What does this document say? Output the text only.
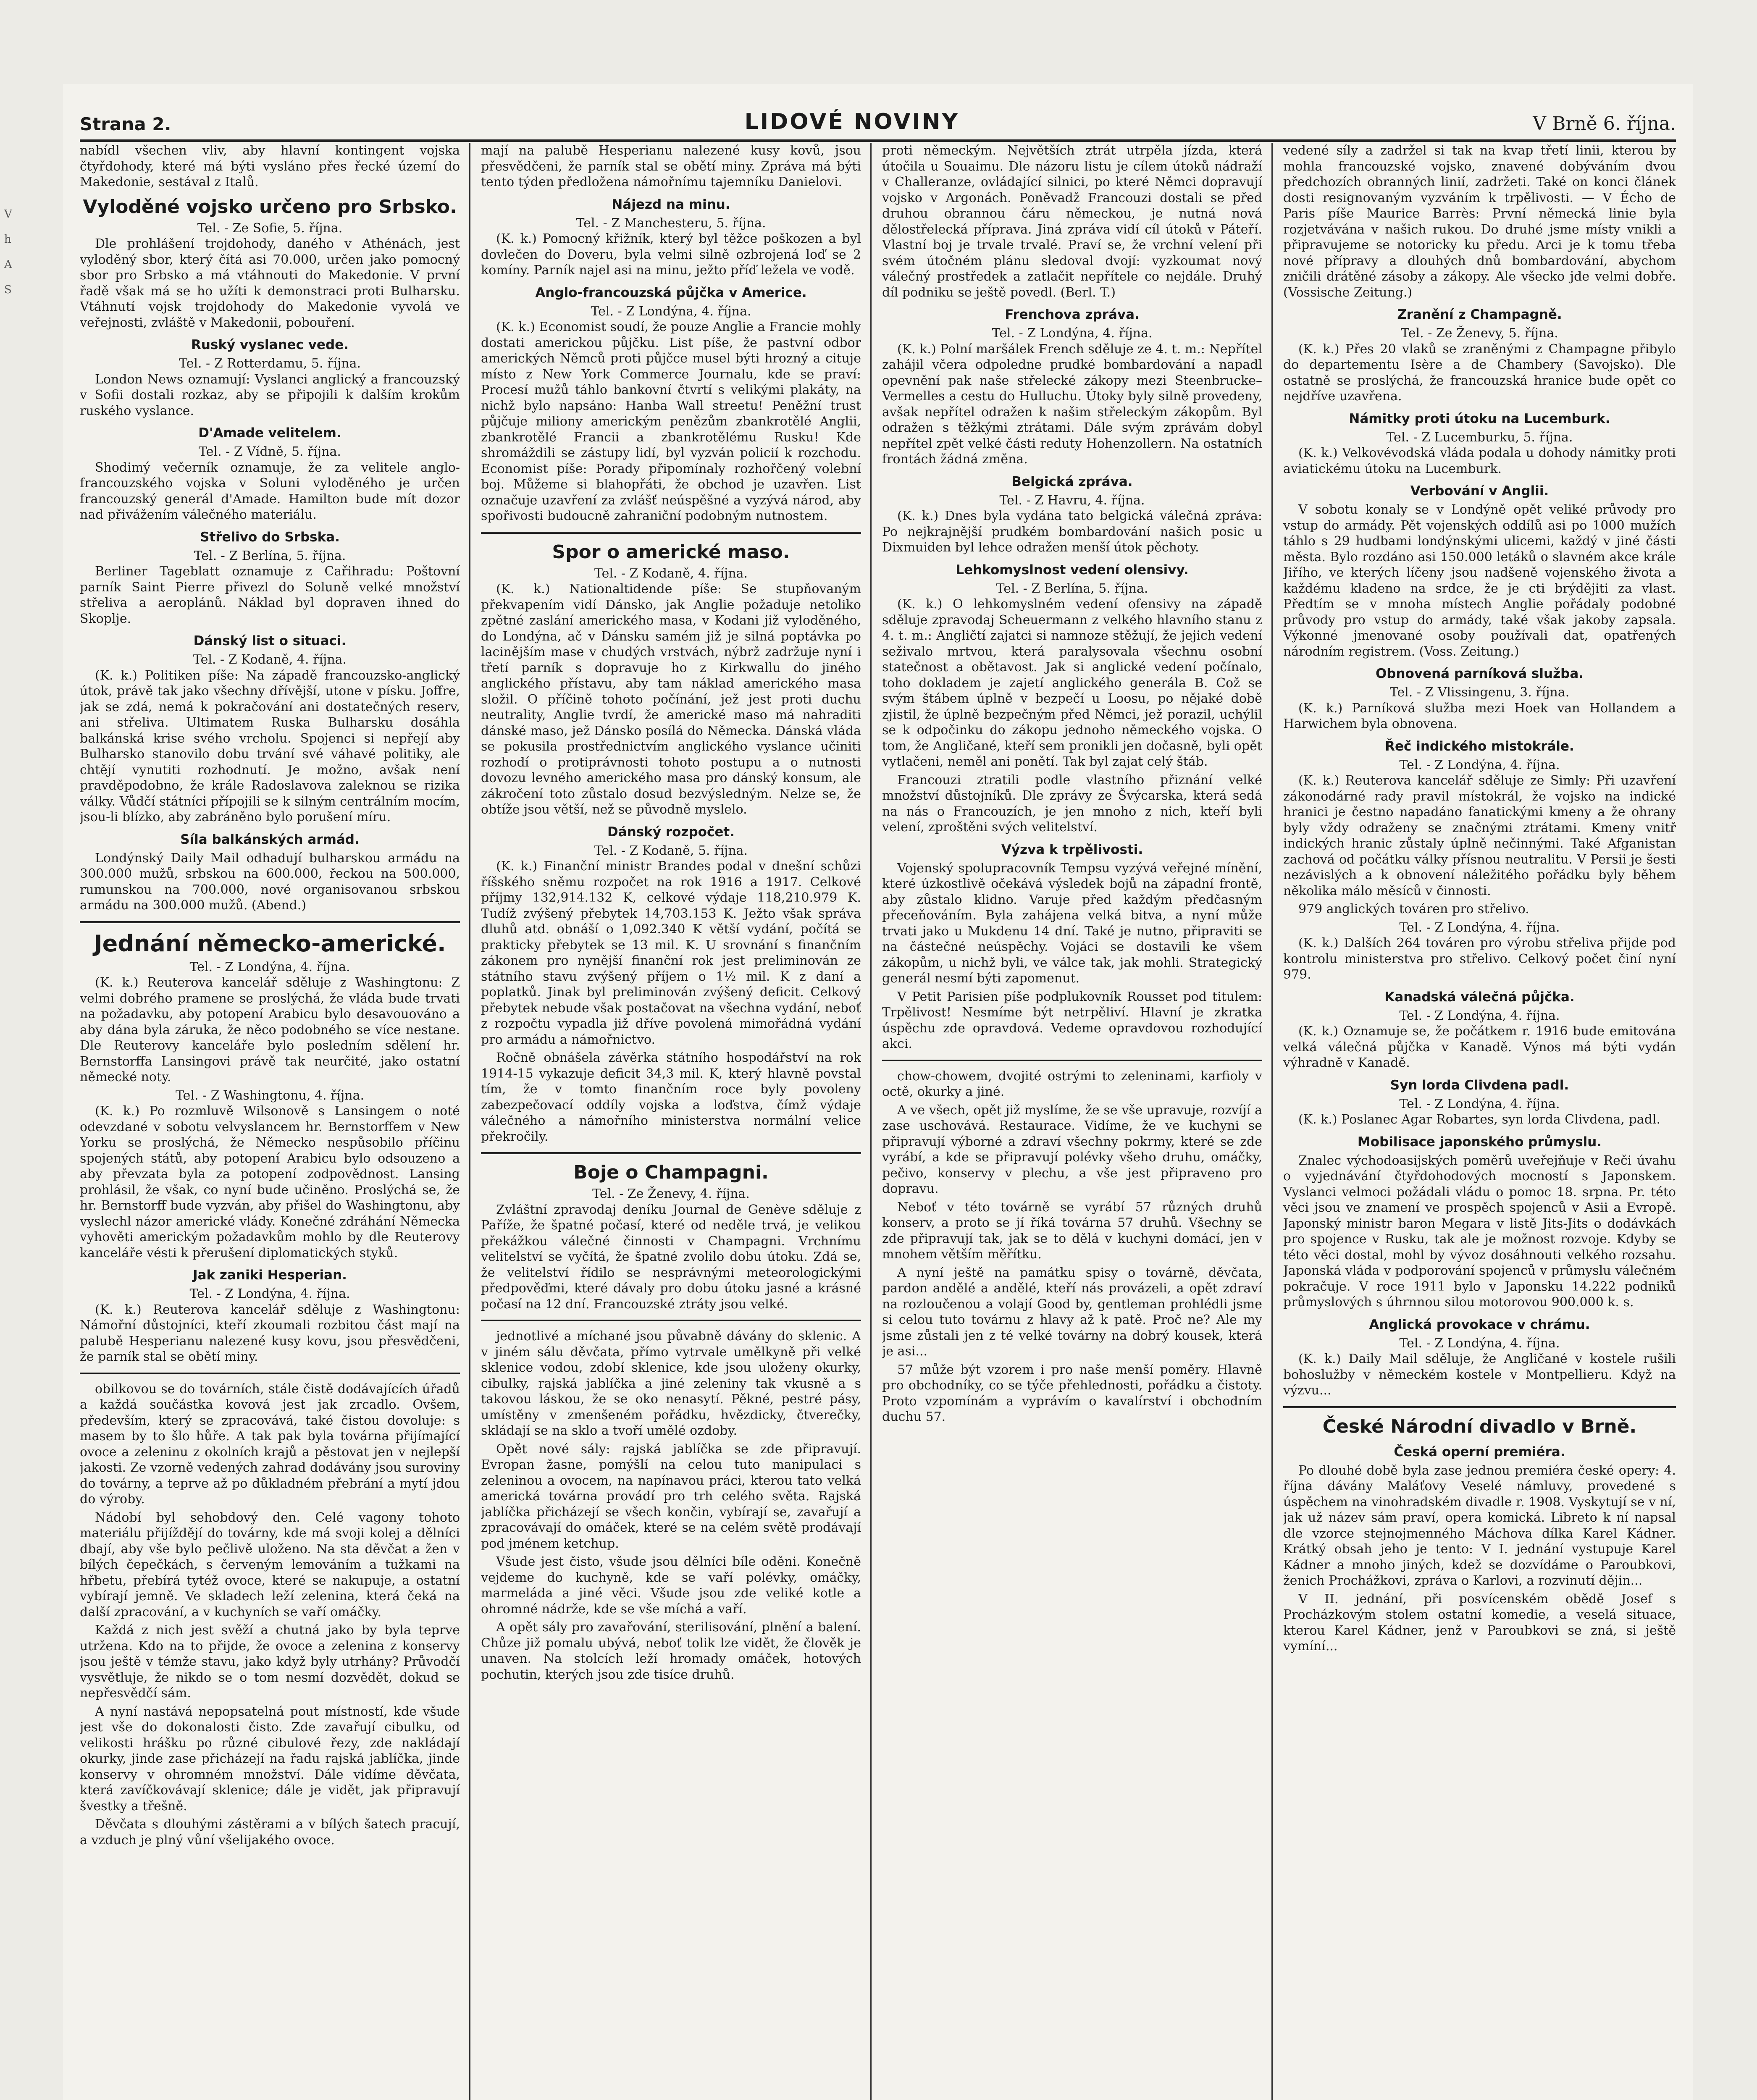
V
h
A
S
Strana 2.	LIDOVÉ NOVINY	V Brně 6. října.

nabídl všechen vliv, aby hlavní kontingent vojska čtyřdohody, které má býti vysláno přes řecké území do Makedonie, sestával z Italů.

Vyloděné vojsko určeno pro Srbsko.

Tel. - Ze Sofie, 5. října.

Dle prohlášení trojdohody, daného v Athénách, jest vyloděný sbor, který čítá asi 70.000, určen jako pomocný sbor pro Srbsko a má vtáhnouti do Makedonie. V první řadě však má se ho užíti k demonstraci proti Bulharsku. Vtáhnutí vojsk trojdohody do Makedonie vyvolá ve veřejnosti, zvláště v Makedonii, pobouření.

Ruský vyslanec vede.

Tel. - Z Rotterdamu, 5. října.

London News oznamují: Vyslanci anglický a francouzský v Sofii dostali rozkaz, aby se připojili k dalším krokům ruského vyslance.

D'Amade velitelem.

Tel. - Z Vídně, 5. října.

Shodimý večerník oznamuje, že za velitele anglo-francouzského vojska v Soluni vyloděného je určen francouzský generál d'Amade. Hamilton bude mít dozor nad přivážením válečného materiálu.

Střelivo do Srbska.

Tel. - Z Berlína, 5. října.

Berliner Tageblatt oznamuje z Cařihradu: Poštovní parník Saint Pierre přivezl do Soluně velké množství střeliva a aeroplánů. Náklad byl dopraven ihned do Skoplje.

Dánský list o situaci.

Tel. - Z Kodaně, 4. října.

(K. k.) Politiken píše: Na západě francouzsko-anglický útok, právě tak jako všechny dřívější, utone v písku. Joffre, jak se zdá, nemá k pokračování ani dostatečných reserv, ani střeliva. Ultimatem Ruska Bulharsku dosáhla balkánská krise svého vrcholu. Spojenci si nepřejí aby Bulharsko stanovilo dobu trvání své váhavé politiky, ale chtějí vynutiti rozhodnutí. Je možno, avšak není pravděpodobno, že krále Radoslavova zaleknou se rizika války. Vůdčí státníci přípojili se k silným centrálním mocím, jsou-li blízko, aby zabráněno bylo porušení míru.

Síla balkánských armád.

Londýnský Daily Mail odhadují bulharskou armádu na 300.000 mužů, srbskou na 600.000, řeckou na 500.000, rumunskou na 700.000, nové organisovanou srbskou armádu na 300.000 mužů. (Abend.)

Jednání německo-americké.

Tel. - Z Londýna, 4. října.

(K. k.) Reuterova kancelář sděluje z Washingtonu: Z velmi dobrého pramene se proslýchá, že vláda bude trvati na požadavku, aby potopení Arabicu bylo desavouováno a aby dána byla záruka, že něco podobného se více nestane. Dle Reuterovy kanceláře bylo posledním sdělení hr. Bernstorffa Lansingovi právě tak neurčité, jako ostatní německé noty.

Tel. - Z Washingtonu, 4. října.

(K. k.) Po rozmluvě Wilsonově s Lansingem o noté odevzdané v sobotu velvyslancem hr. Bernstorffem v New Yorku se proslýchá, že Německo nespůsobilo příčinu spojených států, aby potopení Arabicu bylo odsouzeno a aby převzata byla za potopení zodpovědnost. Lansing prohlásil, že však, co nyní bude učiněno. Proslýchá se, že hr. Bernstorff bude vyzván, aby přišel do Washingtonu, aby vyslechl názor americké vlády. Konečné zdráhání Německa vyhověti americkým požadavkům mohlo by dle Reuterovy kanceláře vésti k přerušení diplomatických styků.

Jak zaniki Hesperian.

Tel. - Z Londýna, 4. října.

(K. k.) Reuterova kancelář sděluje z Washingtonu: Námořní důstojníci, kteří zkoumali rozbitou část mají na palubě Hesperianu nalezené kusy kovu, jsou přesvědčeni, že parník stal se obětí miny.

obilkovou se do továrních, stále čistě dodávajících úřadů a každá součástka kovová jest jak zrcadlo. Ovšem, především, který se zpracovává, také čistou dovoluje: s masem by to šlo hůře. A tak pak byla továrna přijímající ovoce a zeleninu z okolních krajů a pěstovat jen v nejlepší jakosti. Ze vzorně vedených zahrad dodávány jsou suroviny do továrny, a teprve až po důkladném přebrání a mytí jdou do výroby.

Nádobí byl sehobdový den. Celé vagony tohoto materiálu přijíždějí do továrny, kde má svoji kolej a dělníci dbají, aby vše bylo pečlivě uloženo. Na sta děvčat a žen v bílých čepečkách, s červeným lemováním a tužkami na hřbetu, přebírá tytéž ovoce, které se nakupuje, a ostatní vybírají jemně. Ve skladech leží zelenina, která čeká na další zpracování, a v kuchyních se vaří omáčky.

Každá z nich jest svěží a chutná jako by byla teprve utržena. Kdo na to přijde, že ovoce a zelenina z konservy jsou ještě v témže stavu, jako když byly utrhány? Průvodčí vysvětluje, že nikdo se o tom nesmí dozvědět, dokud se nepřesvědčí sám.

A nyní nastává nepopsatelná pout místností, kde všude jest vše do dokonalosti čisto. Zde zavařují cibulku, od velikosti hrášku po různé cibulové řezy, zde nakládají okurky, jinde zase přicházejí na řadu rajská jablíčka, jinde konservy v ohromném množství. Dále vidíme děvčata, která zavíčkovávají sklenice; dále je vidět, jak připravují švestky a třešně.

Děvčata s dlouhými zástěrami a v bílých šatech pracují, a vzduch je plný vůní všelijakého ovoce.

mají na palubě Hesperianu nalezené kusy kovů, jsou přesvědčeni, že parník stal se obětí miny. Zpráva má býti tento týden předložena námořnímu tajemníku Danielovi.

Nájezd na minu.

Tel. - Z Manchesteru, 5. října.

(K. k.) Pomocný křižník, který byl těžce poškozen a byl dovlečen do Doveru, byla velmi silně ozbrojená loď se 2 komíny. Parník najel asi na minu, ježto příď ležela ve vodě.

Anglo-francouzská půjčka v Americe.

Tel. - Z Londýna, 4. října.

(K. k.) Economist soudí, že pouze Anglie a Francie mohly dostati americkou půjčku. List píše, že pastvní odbor amerických Němců proti půjčce musel býti hrozný a cituje místo z New York Commerce Journalu, kde se praví: Procesí mužů táhlo bankovní čtvrtí s velikými plakáty, na nichž bylo napsáno: Hanba Wall streetu! Peněžní trust půjčuje miliony americkým penězům zbankrotělé Anglii, zbankrotělé Francii a zbankrotělému Rusku! Kde shromáždili se zástupy lidí, byl vyzván policií k rozchodu. Economist píše: Porady připomínaly rozhořčený volební boj. Můžeme si blahopřáti, že obchod je uzavřen. List označuje uzavření za zvlášť neúspěšné a vyzývá národ, aby spořivosti budoucně zahraniční podobným nutnostem.

Spor o americké maso.

Tel. - Z Kodaně, 4. října.

(K. k.) Nationaltidende píše: Se stupňovaným překvapením vidí Dánsko, jak Anglie požaduje netolikо zpětné zaslání amerického masa, v Kodani již vyloděného, do Londýna, ač v Dánsku samém již je silná poptávka po lacinějším mase v chudých vrstvách, nýbrž zadržuje nyní i třetí parník s dopravuje ho z Kirkwallu do jiného anglického přístavu, aby tam náklad amerického masa složil. O příčině tohoto počínání, jež jest proti duchu neutrality, Anglie tvrdí, že americké maso má nahraditi dánské maso, jež Dánsko posílá do Německa. Dánská vláda se pokusila prostřednictvím anglického vyslance učiniti rozhodí o protiprávnosti tohoto postupu a o nutnosti dovozu levného amerického masa pro dánský konsum, ale zákročení toto zůstalo dosud bezvýsledným. Nelze se, že obtíže jsou větší, než se původně myslelo.

Dánský rozpočet.

Tel. - Z Kodaně, 5. října.

(K. k.) Finanční ministr Brandes podal v dnešní schůzi říšského sněmu rozpočet na rok 1916 a 1917. Celkové příjmy 132,914.132 K, celkové výdaje 118,210.979 K. Tudíž zvýšený přebytek 14,703.153 K. Ježto však správa dluhů atd. obnáší o 1,092.340 K větší vydání, počítá se prakticky přebytek se 13 mil. K. U srovnání s finančním zákonem pro nynější finanční rok jest preliminován ze státního stavu zvýšený příjem o 1½ mil. K z daní a poplatků. Jinak byl preliminován zvýšený deficit. Celkový přebytek nebude však postačovat na všechna vydání, neboť z rozpočtu vypadla již dříve povolená mimořádná vydání pro armádu a námořnictvo.

Ročně obnášela závěrka státního hospodářství na rok 1914-15 vykazuje deficit 34,3 mil. K, který hlavně povstal tím, že v tomto finančním roce byly povoleny zabezpečovací oddíly vojska a loďstva, čímž výdaje válečného a námořního ministerstva normální velice překročily.

Boje o Champagni.

Tel. - Ze Ženevy, 4. října.

Zvláštní zpravodaj deníku Journal de Genève sděluje z Paříže, že špatné počasí, které od neděle trvá, je velikou překážkou válečné činnosti v Champagni. Vrchnímu velitelství se vyčítá, že špatné zvolilo dobu útoku. Zdá se, že velitelství řídilo se nesprávnými meteorologickými předpověďmi, které dávaly pro dobu útoku jasné a krásné počasí na 12 dní. Francouzské ztráty jsou velké.

jednotlivé a míchané jsou půvabně dávány do sklenic. A v jiném sálu děvčata, přímo vytrvale umělkyně při velké sklenice vodou, zdobí sklenice, kde jsou uloženy okurky, cibulky, rajská jablíčka a jiné zeleniny tak vkusně a s takovou láskou, že se oko nenasytí. Pěkné, pestré pásy, umístěny v zmenšeném pořádku, hvězdicky, čtverečky, skládají se na sklo a tvoří umělé ozdoby.

Opět nové sály: rajská jablíčka se zde připravují. Evropan žasne, pomýšlí na celou tuto manipulaci s zeleninou a ovocem, na napínavou práci, kterou tato velká americká továrna provádí pro trh celého světa. Rajská jablíčka přicházejí se všech končin, vybírají se, zavařují a zpracovávají do omáček, které se na celém světě prodávají pod jménem ketchup.

Všude jest čisto, všude jsou dělníci bíle oděni. Konečně vejdeme do kuchyně, kde se vaří polévky, omáčky, marmeláda a jiné věci. Všude jsou zde veliké kotle a ohromné nádrže, kde se vše míchá a vaří.

A opět sály pro zavařování, sterilisování, plnění a balení. Chůze již pomalu ubývá, neboť tolik lze vidět, že člověk je unaven. Na stolcích leží hromady omáček, hotových pochutin, kterých jsou zde tisíce druhů.

proti německým. Největších ztrát utrpěla jízda, která útočila u Souaimu. Dle názoru listu je cílem útoků nádraží v Challeranze, ovládající silnici, po které Němci dopravují vojsko v Argonách. Poněvadž Francouzi dostali se před druhou obrannou čáru německou, je nutná nová dělostřelecká příprava. Jiná zpráva vidí cíl útoků v Páteří. Vlastní boj je trvale trvalé. Praví se, že vrchní velení při svém útočném plánu sledoval dvojí: vyzkoumat nový válečný prostředek a zatlačit nepřítele co nejdále. Druhý díl podniku se ještě povedl. (Berl. T.)

Frenchova zpráva.

Tel. - Z Londýna, 4. října.

(K. k.) Polní maršálek French sděluje ze 4. t. m.: Nepřítel zahájil včera odpoledne prudké bombardování a napadl opevnění pak naše střelecké zákopy mezi Steenbrucke–Vermelles a cestu do Hulluchu. Útoky byly silně provedeny, avšak nepřítel odražen k našim střeleckým zákopům. Byl odražen s těžkými ztrátami. Dále svým zprávám dobyl nepřítel zpět velké části reduty Hohenzollern. Na ostatních frontách žádná změna.

Belgická zpráva.

Tel. - Z Havru, 4. října.

(K. k.) Dnes byla vydána tato belgická válečná zpráva: Po nejkrajnější prudkém bombardování našich posic u Dixmuiden byl lehce odražen menší útok pěchoty.

Lehkomyslnost vedení olensivy.

Tel. - Z Berlína, 5. října.

(K. k.) O lehkomyslném vedení ofensivy na západě sděluje zpravodaj Scheuermann z velkého hlavního stanu z 4. t. m.: Angličtí zajatci si namnoze stěžují, že jejich vedení seživalo mrtvou, která paralysovala všechnu osobní statečnost a obětavost. Jak si anglické vedení počínalo, toho dokladem je zajetí anglického generála B. Což se svým štábem úplně v bezpečí u Loosu, po nějaké době zjistil, že úplně bezpečným před Němci, jež porazil, uchýlil se k odpočinku do zákopu jednoho německého vojska. O tom, že Angličané, kteří sem pronikli jen dočasně, byli opět vytlačeni, neměl ani ponětí. Tak byl zajat celý štáb.

Francouzi ztratili podle vlastního přiznání velké množství důstojníků. Dle zprávy ze Švýcarska, která sedá na nás o Francouzích, je jen mnoho z nich, kteří byli velení, zproštěni svých velitelství.

Výzva k trpělivosti.

Vojenský spolupracovník Tempsu vyzývá veřejné mínění, které úzkostlivě očekává výsledek bojů na západní frontě, aby zůstalo klidno. Varuje před každým předčasným přeceňováním. Byla zahájena velká bitva, a nyní může trvati jako u Mukdenu 14 dní. Také je nutno, připraviti se na částečné neúspěchy. Vojáci se dostavili ke všem zákopům, u nichž byli, ve válce tak, jak mohli. Strategický generál nesmí býti zapomenut.

V Petit Parisien píše podplukovník Rousset pod titulem: Trpělivost! Nesmíme být netrpěliví. Hlavní je zkratka úspěchu zde opravdová. Vedeme opravdovou rozhodující akci.

chow-chowem, dvojité ostrými to zeleninami, karfioly v octě, okurky a jiné.

A ve všech, opět již myslíme, že se vše upravuje, rozvíjí a zase uschovává. Restaurace. Vidíme, že ve kuchyni se připravují výborné a zdraví všechny pokrmy, které se zde vyrábí, a kde se připravují polévky všeho druhu, omáčky, pečivo, konservy v plechu, a vše jest připraveno pro dopravu.

Neboť v této továrně se vyrábí 57 různých druhů konserv, a proto se jí říká továrna 57 druhů. Všechny se zde připravují tak, jak se to dělá v kuchyni domácí, jen v mnohem větším měřítku.

A nyní ještě na památku spisy o továrně, děvčata, pardon andělé a andělé, kteří nás provázeli, a opět zdraví na rozloučenou a volají Good by, gentleman prohlédli jsme si celou tuto továrnu z hlavy až k patě. Proč ne? Ale my jsme zůstali jen z té velké továrny na dobrý kousek, která je asi...

57 může být vzorem i pro naše menší poměry. Hlavně pro obchodníky, co se týče přehlednosti, pořádku a čistoty. Proto vzpomínám a vyprávím o kavalírství i obchodním duchu 57.

vedené síly a zadržel si tak na kvap třetí linii, kterou by mohla francouzské vojsko, znavené dobýváním dvou předchozích obranných linií, zadržeti. Také on konci článek dosti resignovaným vyzváním k trpělivosti. — V Écho de Paris píše Maurice Barrès: První německá linie byla rozjetvávána v našich rukou. Do druhé jsme místy vnikli a připravujeme se notoricky ku předu. Arci je k tomu třeba nové přípravy a dlouhých dnů bombardování, abychom zničili drátěné zásoby a zákopy. Ale všecko jde velmi dobře. (Vossische Zeitung.)

Zranění z Champagně.

Tel. - Ze Ženevy, 5. října.

(K. k.) Přes 20 vlaků se zraněnými z Champagne přibylo do departementu Isère a de Chambery (Savojsko). Dle ostatně se proslýchá, že francouzská hranice bude opět co nejdříve uzavřena.

Námitky proti útoku na Lucemburk.

Tel. - Z Lucemburku, 5. října.

(K. k.) Velkovévodská vláda podala u dohody námitky proti aviatickému útoku na Lucemburk.

Verbování v Anglii.

V sobotu konaly se v Londýně opět veliké průvody pro vstup do armády. Pět vojenských oddílů asi po 1000 mužích táhlo s 29 hudbami londýnskými ulicemi, každý v jiné části města. Bylo rozdáno asi 150.000 letáků o slavném akce krále Jiřího, ve kterých líčeny jsou nadšeně vojenského života a každému kladeno na srdce, že je cti brýdějiti za vlast. Předtím se v mnoha místech Anglie pořádaly podobné průvody pro vstup do armády, také však jakoby zapsala. Výkonné jmenované osoby používali dat, opatřených národním registrem. (Voss. Zeitung.)

Obnovená parníková služba.

Tel. - Z Vlissingenu, 3. října.

(K. k.) Parníková služba mezi Hoek van Hollandem a Harwichem byla obnovena.

Řeč indického mistokrále.

Tel. - Z Londýna, 4. října.

(K. k.) Reuterova kancelář sděluje ze Simly: Při uzavření zákonodárné rady pravil místokrál, že vojsko na indické hranici je čestno napadáno fanatickými kmeny a že ohrany byly vždy odraženy se značnými ztrátami. Kmeny vnitř indických hranic zůstaly úplně nečinnými. Také Afganistan zachová od počátku války přísnou neutralitu. V Persii je šesti nezávislých a k obnovení náležitého pořádku byly během několika málo měsíců v činnosti.

979 anglických továren pro střelivo.

Tel. - Z Londýna, 4. října.

(K. k.) Dalších 264 továren pro výrobu střeliva přijde pod kontrolu ministerstva pro střelivo. Celkový počet činí nyní 979.

Kanadská válečná půjčka.

Tel. - Z Londýna, 4. října.

(K. k.) Oznamuje se, že počátkem r. 1916 bude emitována velká válečná půjčka v Kanadě. Výnos má býti vydán výhradně v Kanadě.

Syn lorda Clivdena padl.

Tel. - Z Londýna, 4. října.

(K. k.) Poslanec Agar Robartes, syn lorda Clivdena, padl.

Mobilisace japonského průmyslu.

Znalec východoasijských poměrů uveřejňuje v Reči úvahu o vyjednávání čtyřdohodových mocností s Japonskem. Vyslanci velmoci požádali vládu o pomoc 18. srpna. Pr. této věci jsou ve znamení ve prospěch spojenců v Asii a Evropě. Japonský ministr baron Megara v listě Jits-Jits o dodávkách pro spojence v Rusku, tak ale je možnost rozvoje. Kdyby se této věci dostal, mohl by vývoz dosáhnouti velkého rozsahu. Japonská vláda v podporování spojenců v průmyslu válečném pokračuje. V roce 1911 bylo v Japonsku 14.222 podniků průmyslových s úhrnnou silou motorovou 900.000 k. s.

Anglická provokace v chrámu.

Tel. - Z Londýna, 4. října.

(K. k.) Daily Mail sděluje, že Angličané v kostele rušili bohoslužby v německém kostele v Montpellieru. Když na výzvu...

České Národní divadlo v Brně.
Česká operní premiéra.

Po dlouhé době byla zase jednou premiéra české opery: 4. října dávány Maláťovy Veselé námluvy, provedené s úspěchem na vinohradském divadle r. 1908. Vyskytují se v ní, jak už název sám praví, opera komická. Libreto k ní napsal dle vzorce stejnojmenného Máchova dílka Karel Kádner. Krátký obsah jeho je tento: V I. jednání vystupuje Karel Kádner a mnoho jiných, kdež se dozvídáme o Paroubkovi, ženich Prochážkovi, zpráva o Karlovi, a rozvinutí dějin...

V II. jednání, při posvícenském obědě Josef s Procházkovým stolem ostatní komedie, a veselá situace, kterou Karel Kádner, jenž v Paroubkovi se zná, si ještě vymíní...
